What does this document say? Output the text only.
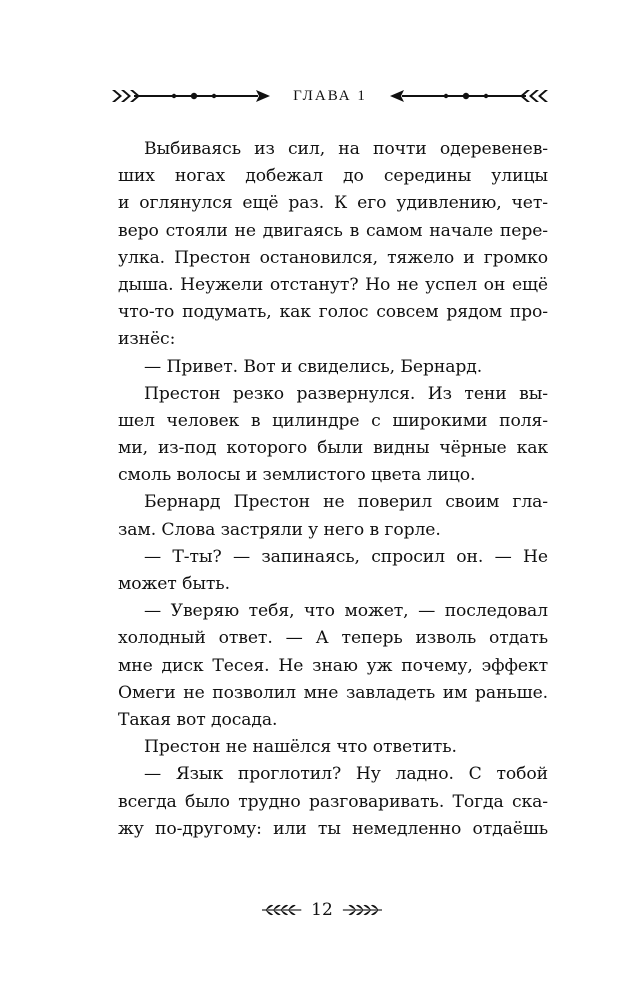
ГЛАВА 1
Выбиваясь из сил, на почти одеревенев-
ших ногах добежал до середины улицы
и оглянулся ещё раз. К его удивлению, чет-
веро стояли не двигаясь в самом начале пере-
улка. Престон остановился, тяжело и громко
дыша. Неужели отстанут? Но не успел он ещё
что-то подумать, как голос совсем рядом про-
изнёс:
— Привет. Вот и свиделись, Бернард.
Престон резко развернулся. Из тени вы-
шел человек в цилиндре с широкими поля-
ми, из-под которого были видны чёрные как
смоль волосы и землистого цвета лицо.
Бернард Престон не поверил своим гла-
зам. Слова застряли у него в горле.
— Т-ты? — запинаясь, спросил он. — Не
может быть.
— Уверяю тебя, что может, — последовал
холодный ответ. — А теперь изволь отдать
мне диск Тесея. Не знаю уж почему, эффект
Омеги не позволил мне завладеть им раньше.
Такая вот досада.
Престон не нашёлся что ответить.
— Язык проглотил? Ну ладно. С тобой
всегда было трудно разговаривать. Тогда ска-
жу по-другому: или ты немедленно отдаёшь
12
